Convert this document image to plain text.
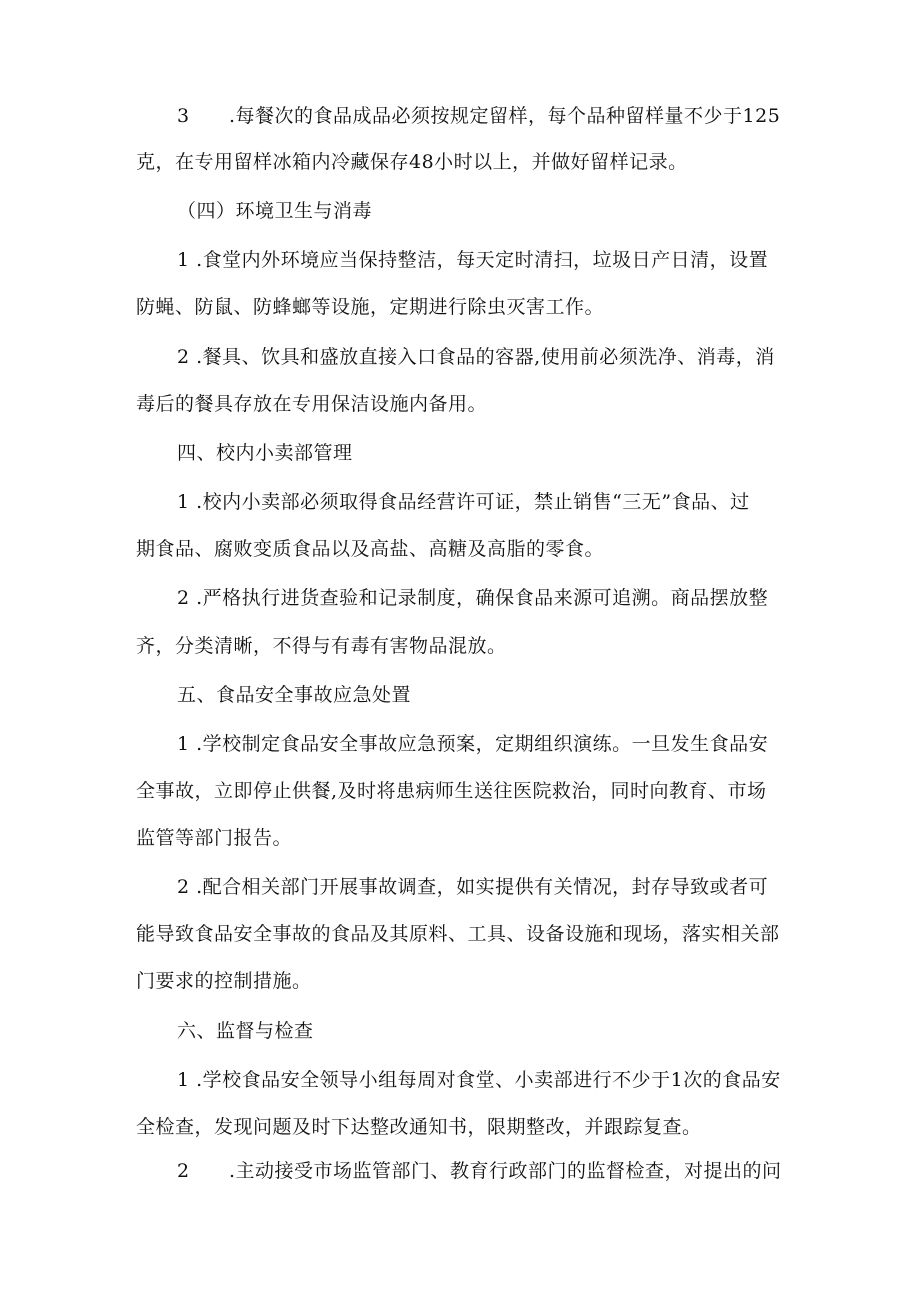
3 .每餐次的食品成品必须按规定留样，每个品种留样量不少于125
克，在专用留样冰箱内冷藏保存48小时以上，并做好留样记录。
（四）环境卫生与消毒
1 .食堂内外环境应当保持整洁，每天定时清扫，垃圾日产日清，设置
防蝇、防鼠、防蜂螂等设施，定期进行除虫灭害工作。
2 .餐具、饮具和盛放直接入口食品的容器,使用前必须洗净、消毒，消
毒后的餐具存放在专用保洁设施内备用。
四、校内小卖部管理
1 .校内小卖部必须取得食品经营许可证，禁止销售“三无”食品、过
期食品、腐败变质食品以及高盐、高糖及高脂的零食。
2 .严格执行进货查验和记录制度，确保食品来源可追溯。商品摆放整
齐，分类清晰，不得与有毒有害物品混放。
五、食品安全事故应急处置
1 .学校制定食品安全事故应急预案，定期组织演练。一旦发生食品安
全事故，立即停止供餐,及时将患病师生送往医院救治，同时向教育、市场
监管等部门报告。
2 .配合相关部门开展事故调查，如实提供有关情况，封存导致或者可
能导致食品安全事故的食品及其原料、工具、设备设施和现场，落实相关部
门要求的控制措施。
六、监督与检查
1 .学校食品安全领导小组每周对食堂、小卖部进行不少于1次的食品安
全检查，发现问题及时下达整改通知书，限期整改，并跟踪复查。
2 .主动接受市场监管部门、教育行政部门的监督检查，对提出的问
